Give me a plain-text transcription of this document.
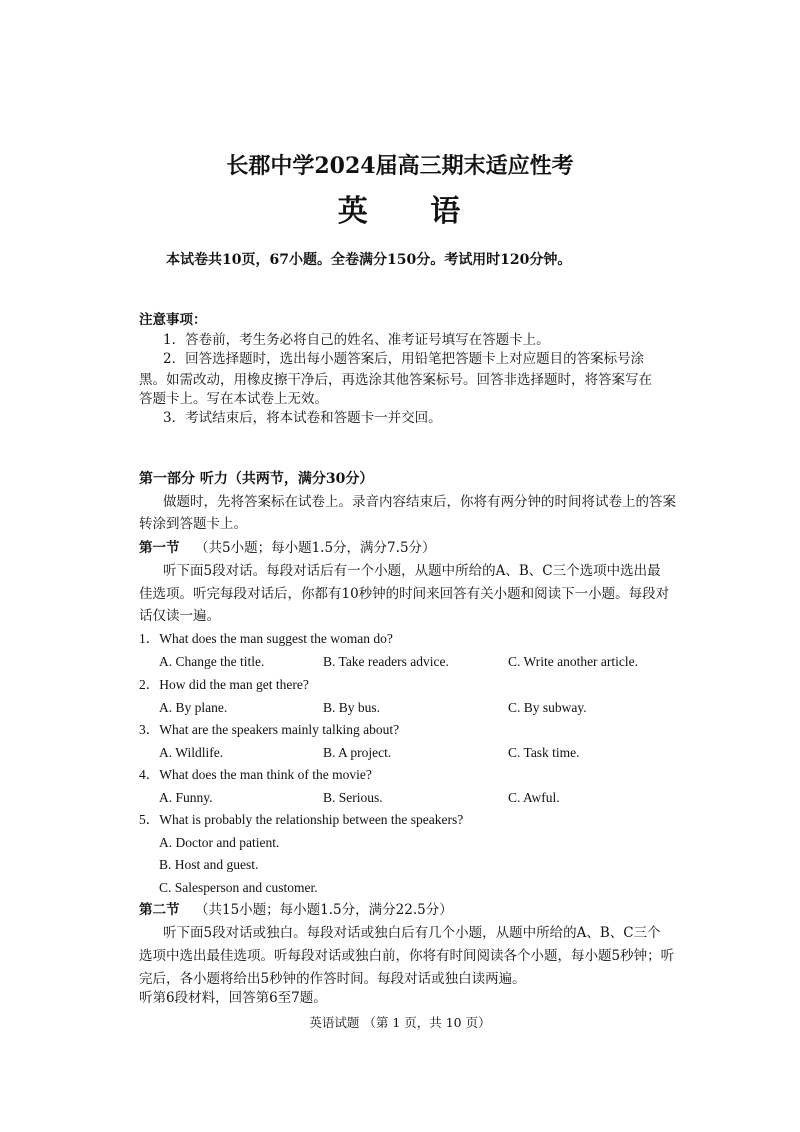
长郡中学2024届高三期末适应性考
英 语
本试卷共10页，67小题。全卷满分150分。考试用时120分钟。
注意事项：
1．答卷前，考生务必将自己的姓名、准考证号填写在答题卡上。
2．回答选择题时，选出每小题答案后，用铅笔把答题卡上对应题目的答案标号涂
黑。如需改动，用橡皮擦干净后，再选涂其他答案标号。回答非选择题时，将答案写在
答题卡上。写在本试卷上无效。
3．考试结束后，将本试卷和答题卡一并交回。
第一部分 听力（共两节，满分30分）
做题时，先将答案标在试卷上。录音内容结束后，你将有两分钟的时间将试卷上的答案
转涂到答题卡上。
第一节 （共5小题；每小题1.5分，满分7.5分）
听下面5段对话。每段对话后有一个小题，从题中所给的A、B、C三个选项中选出最
佳选项。听完每段对话后，你都有10秒钟的时间来回答有关小题和阅读下一小题。每段对
话仅读一遍。
1．What does the man suggest the woman do?
A. Change the title.	B. Take readers advice.	C. Write another article.
2．How did the man get there?
A. By plane.	B. By bus.	C. By subway.
3．What are the speakers mainly talking about?
A. Wildlife.	B. A project.	C. Task time.
4．What does the man think of the movie?
A. Funny.	B. Serious.	C. Awful.
5．What is probably the relationship between the speakers?
A. Doctor and patient.
B. Host and guest.
C. Salesperson and customer.
第二节 （共15小题；每小题1.5分，满分22.5分）
听下面5段对话或独白。每段对话或独白后有几个小题，从题中所给的A、B、C三个
选项中选出最佳选项。听每段对话或独白前，你将有时间阅读各个小题，每小题5秒钟；听
完后，各小题将给出5秒钟的作答时间。每段对话或独白读两遍。
听第6段材料，回答第6至7题。
英语试题 （第 1 页，共 10 页）
